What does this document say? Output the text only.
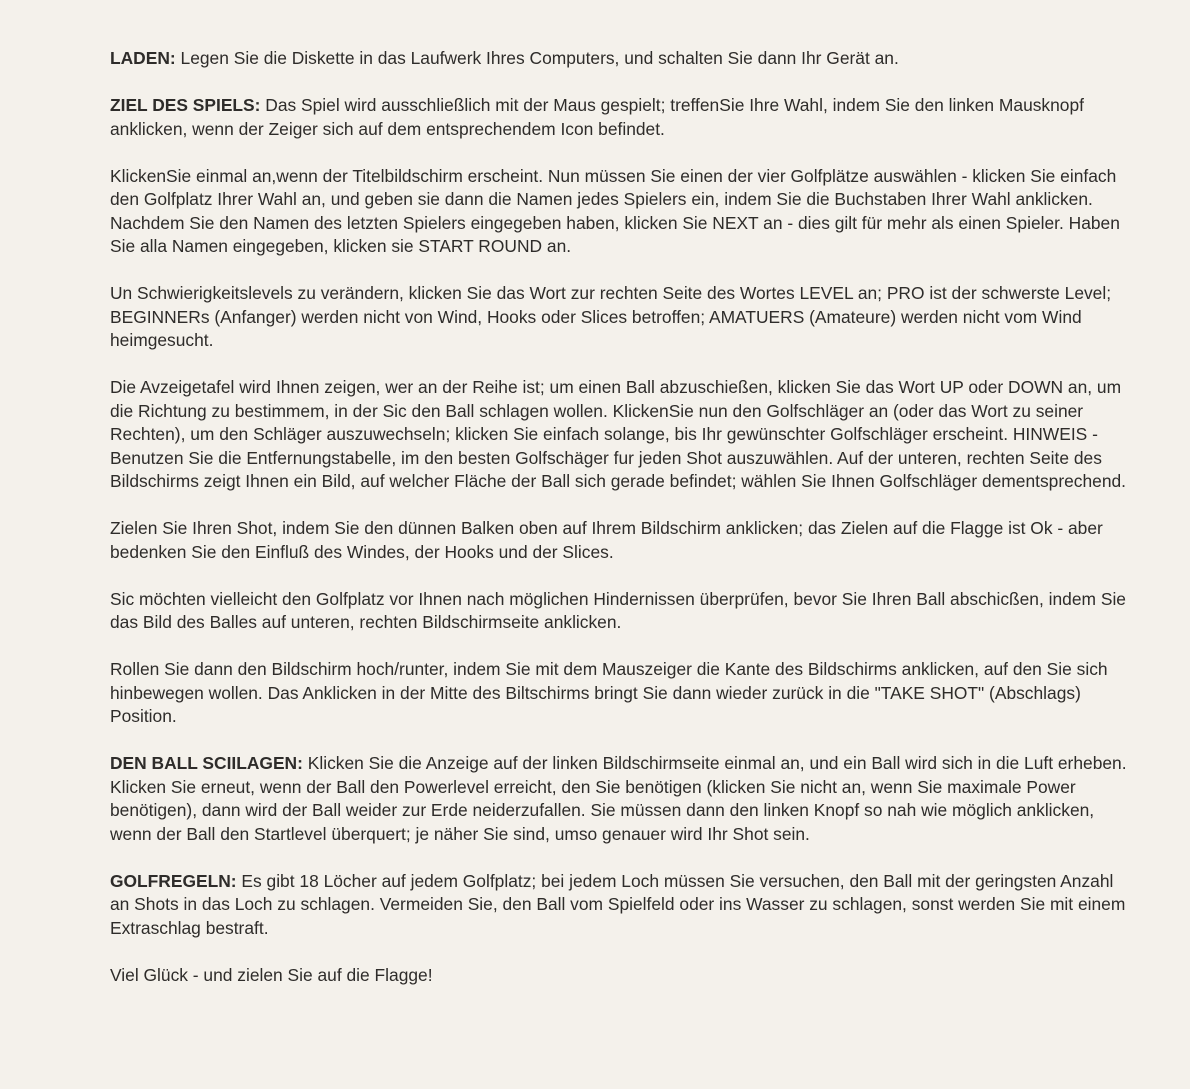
LADEN: Legen Sie die Diskette in das Laufwerk Ihres Computers, und schalten Sie dann Ihr Gerät an.

ZIEL DES SPIELS: Das Spiel wird ausschließlich mit der Maus gespielt; treffenSie Ihre Wahl, indem Sie den linken Mausknopf anklicken, wenn der Zeiger sich auf dem entsprechendem Icon befindet.

KlickenSie einmal an,wenn der Titelbildschirm erscheint. Nun müssen Sie einen der vier Golfplätze auswählen - klicken Sie einfach den Golfplatz Ihrer Wahl an, und geben sie dann die Namen jedes Spielers ein, indem Sie die Buchstaben Ihrer Wahl anklicken. Nachdem Sie den Namen des letzten Spielers eingegeben haben, klicken Sie NEXT an - dies gilt für mehr als einen Spieler. Haben Sie alla Namen eingegeben, klicken sie START ROUND an.

Un Schwierigkeitslevels zu verändern, klicken Sie das Wort zur rechten Seite des Wortes LEVEL an; PRO ist der schwerste Level; BEGINNERs (Anfanger) werden nicht von Wind, Hooks oder Slices betroffen; AMATUERS (Amateure) werden nicht vom Wind heimgesucht.

Die Avzeigetafel wird Ihnen zeigen, wer an der Reihe ist; um einen Ball abzuschießen, klicken Sie das Wort UP oder DOWN an, um die Richtung zu bestimmem, in der Sic den Ball schlagen wollen. KlickenSie nun den Golfschläger an (oder das Wort zu seiner Rechten), um den Schläger auszuwechseln; klicken Sie einfach solange, bis Ihr gewünschter Golfschläger erscheint. HINWEIS - Benutzen Sie die Entfernungstabelle, im den besten Golfschäger fur jeden Shot auszuwählen. Auf der unteren, rechten Seite des Bildschirms zeigt Ihnen ein Bild, auf welcher Fläche der Ball sich gerade befindet; wählen Sie Ihnen Golfschläger dementsprechend.

Zielen Sie Ihren Shot, indem Sie den dünnen Balken oben auf Ihrem Bildschirm anklicken; das Zielen auf die Flagge ist Ok - aber bedenken Sie den Einfluß des Windes, der Hooks und der Slices.

Sic möchten vielleicht den Golfplatz vor Ihnen nach möglichen Hindernissen überprüfen, bevor Sie Ihren Ball abschicßen, indem Sie das Bild des Balles auf unteren, rechten Bildschirmseite anklicken.

Rollen Sie dann den Bildschirm hoch/runter, indem Sie mit dem Mauszeiger die Kante des Bildschirms anklicken, auf den Sie sich hinbewegen wollen. Das Anklicken in der Mitte des Biltschirms bringt Sie dann wieder zurück in die "TAKE SHOT" (Abschlags) Position.

DEN BALL SCIILAGEN: Klicken Sie die Anzeige auf der linken Bildschirmseite einmal an, und ein Ball wird sich in die Luft erheben. Klicken Sie erneut, wenn der Ball den Powerlevel erreicht, den Sie benötigen (klicken Sie nicht an, wenn Sie maximale Power benötigen), dann wird der Ball weider zur Erde neiderzufallen. Sie müssen dann den linken Knopf so nah wie möglich anklicken, wenn der Ball den Startlevel überquert; je näher Sie sind, umso genauer wird Ihr Shot sein.

GOLFREGELN: Es gibt 18 Löcher auf jedem Golfplatz; bei jedem Loch müssen Sie versuchen, den Ball mit der geringsten Anzahl an Shots in das Loch zu schlagen. Vermeiden Sie, den Ball vom Spielfeld oder ins Wasser zu schlagen, sonst werden Sie mit einem Extraschlag bestraft.

Viel Glück - und zielen Sie auf die Flagge!
